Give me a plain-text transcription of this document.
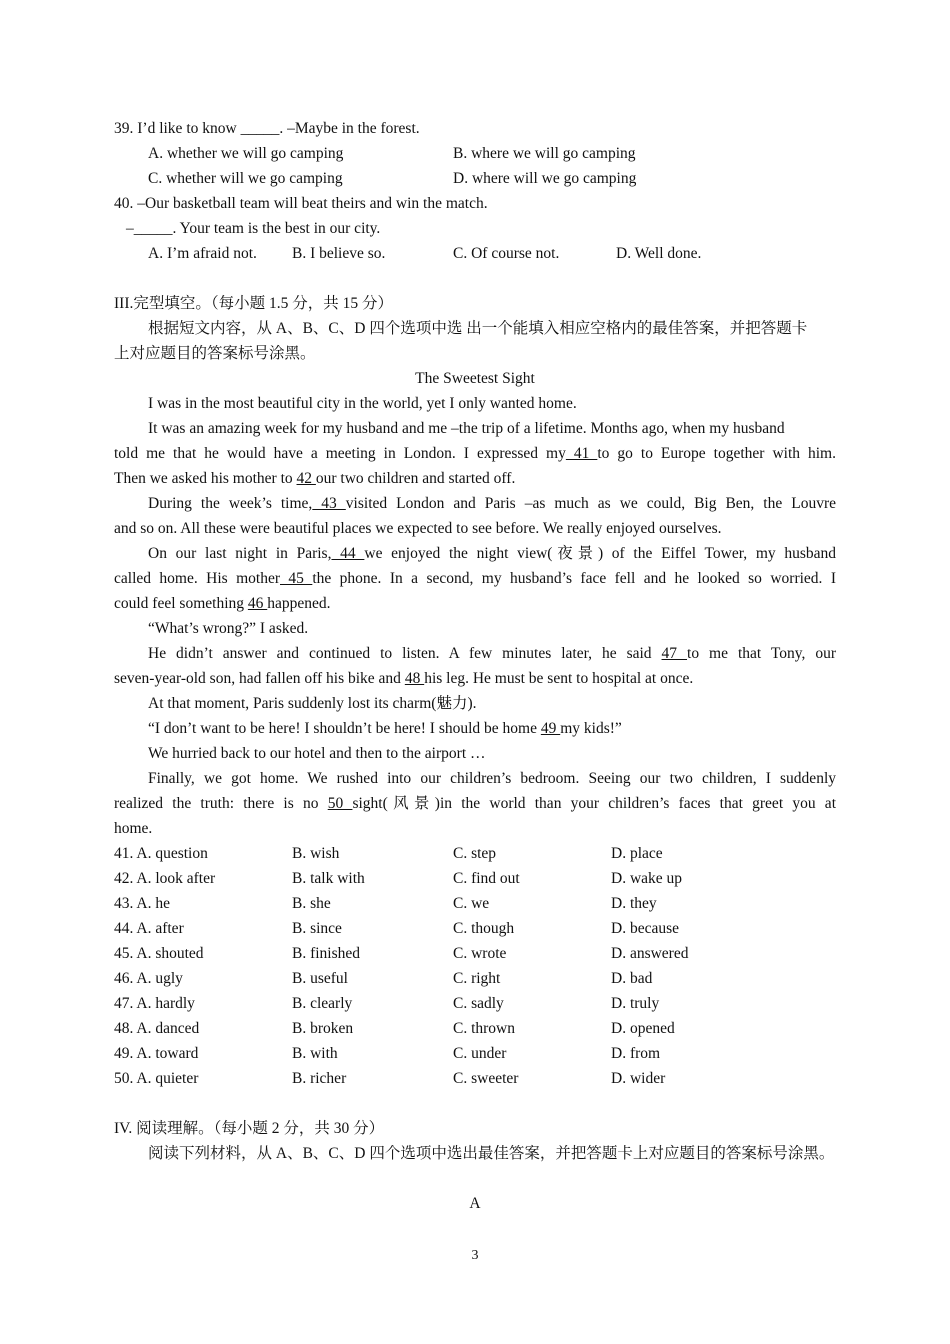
39. I’d like to know _____. –Maybe in the forest.
A. whether we will go camping	B. where we will go camping
C. whether will we go camping	D. where will we go camping
40. –Our basketball team will beat theirs and win the match.
–_____. Your team is the best in our city.
A. I’m afraid not. B. I believe so.	C. Of course not.	D. Well done.
III.完型填空。（每小题 1.5 分，共 15 分）
根据短文内容，从 A、B、C、D 四个选项中选 出一个能填入相应空格内的最佳答案，并把答题卡
上对应题目的答案标号涂黑。
The Sweetest Sight
I was in the most beautiful city in the world, yet I only wanted home.
It was an amazing week for my husband and me –the trip of a lifetime. Months ago, when my husband
told me that he would have a meeting in London. I expressed my 41 to go to Europe together with him.
Then we asked his mother to 42 our two children and started off.
During the week’s time, 43 visited London and Paris –as much as we could, Big Ben, the Louvre
and so on. All these were beautiful places we expected to see before. We really enjoyed ourselves.
On our last night in Paris, 44 we enjoyed the night view(夜景) of the Eiffel Tower, my husband
called home. His mother 45 the phone. In a second, my husband’s face fell and he looked so worried. I
could feel something 46 happened.
“What’s wrong?” I asked.
He didn’t answer and continued to listen. A few minutes later, he said 47 to me that Tony, our
seven-year-old son, had fallen off his bike and 48 his leg. He must be sent to hospital at once.
At that moment, Paris suddenly lost its charm(魅力).
“I don’t want to be here! I shouldn’t be here! I should be home 49 my kids!”
We hurried back to our hotel and then to the airport …
Finally, we got home. We rushed into our children’s bedroom. Seeing our two children, I suddenly
realized the truth: there is no 50 sight(风景)in the world than your children’s faces that greet you at
home.
41. A. question	B. wish	C. step	D. place
42. A. look after	B. talk with	C. find out	D. wake up
43. A. he	B. she	C. we	D. they
44. A. after	B. since	C. though	D. because
45. A. shouted	B. finished	C. wrote	D. answered
46. A. ugly	B. useful	C. right	D. bad
47. A. hardly	B. clearly	C. sadly	D. truly
48. A. danced	B. broken	C. thrown	D. opened
49. A. toward	B. with	C. under	D. from
50. A. quieter	B. richer	C. sweeter	D. wider
IV. 阅读理解。（每小题 2 分，共 30 分）
阅读下列材料，从 A、B、C、D 四个选项中选出最佳答案，并把答题卡上对应题目的答案标号涂黑。
A
3
